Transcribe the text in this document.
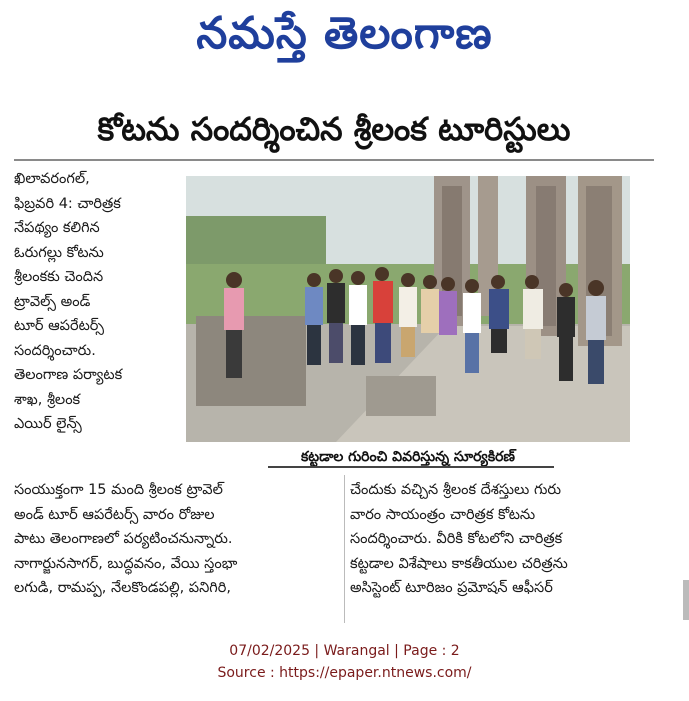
నమస్తే తెలంగాణ
కోటను సందర్శించిన శ్రీలంక టూరిస్టులు
ఖిలావరంగల్,
ఫిబ్రవరి 4: చారిత్రక
నేపథ్యం కలిగిన
ఓరుగల్లు కోటను
శ్రీలంకకు చెందిన
ట్రావెల్స్ అండ్
టూర్ ఆపరేటర్స్
సందర్శించారు.
తెలంగాణ పర్యాటక
శాఖ, శ్రీలంక
ఎయిర్ లైన్స్
కట్టడాల గురించి వివరిస్తున్న సూర్యకిరణ్
సంయుక్తంగా 15 మంది శ్రీలంక ట్రావెల్
అండ్ టూర్ ఆపరేటర్స్ వారం రోజుల
పాటు తెలంగాణలో పర్యటించనున్నారు.
నాగార్జునసాగర్, బుద్ధవనం, వేయి స్తంభా
లగుడి, రామప్ప, నేలకొండపల్లి, పనిగిరి,
చేందుకు వచ్చిన శ్రీలంక దేశస్తులు గురు
వారం సాయంత్రం చారిత్రక కోటను
సందర్శించారు. వీరికి కోటలోని చారిత్రక
కట్టడాల విశేషాలు కాకతీయుల చరిత్రను
అసిస్టెంట్ టూరిజం ప్రమోషన్ ఆఫీసర్
07/02/2025 | Warangal | Page : 2
Source : https://epaper.ntnews.com/
